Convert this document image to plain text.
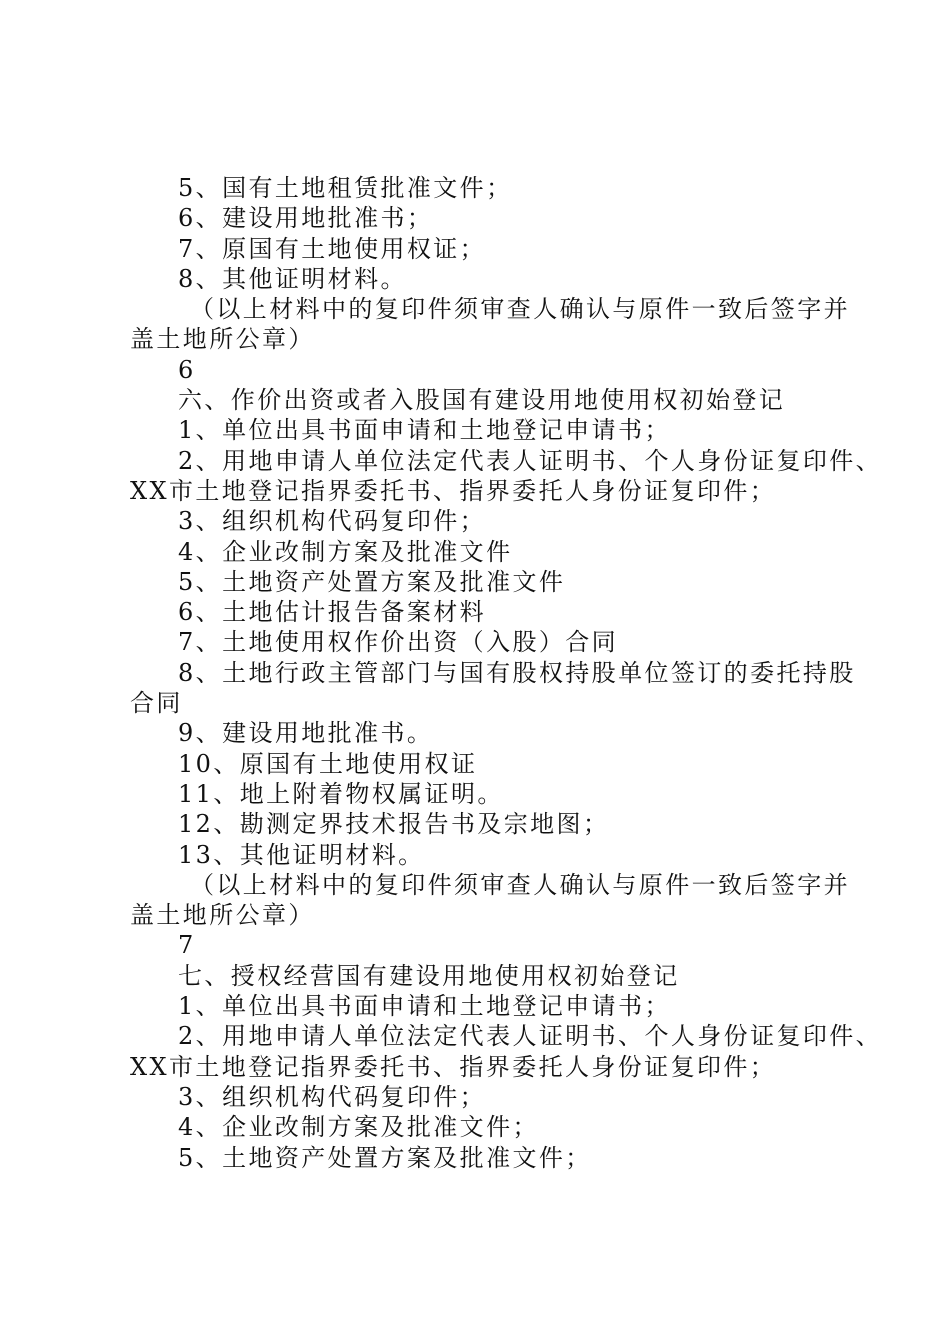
5、国有土地租赁批准文件；
6、建设用地批准书；
7、原国有土地使用权证；
8、其他证明材料。
（以上材料中的复印件须审查人确认与原件一致后签字并
盖土地所公章）
6
六、作价出资或者入股国有建设用地使用权初始登记
1、单位出具书面申请和土地登记申请书；
2、用地申请人单位法定代表人证明书、个人身份证复印件、
XX市土地登记指界委托书、指界委托人身份证复印件；
3、组织机构代码复印件；
4、企业改制方案及批准文件
5、土地资产处置方案及批准文件
6、土地估计报告备案材料
7、土地使用权作价出资（入股）合同
8、土地行政主管部门与国有股权持股单位签订的委托持股
合同
9、建设用地批准书。
10、原国有土地使用权证
11、地上附着物权属证明。
12、勘测定界技术报告书及宗地图；
13、其他证明材料。
（以上材料中的复印件须审查人确认与原件一致后签字并
盖土地所公章）
7
七、授权经营国有建设用地使用权初始登记
1、单位出具书面申请和土地登记申请书；
2、用地申请人单位法定代表人证明书、个人身份证复印件、
XX市土地登记指界委托书、指界委托人身份证复印件；
3、组织机构代码复印件；
4、企业改制方案及批准文件；
5、土地资产处置方案及批准文件；
